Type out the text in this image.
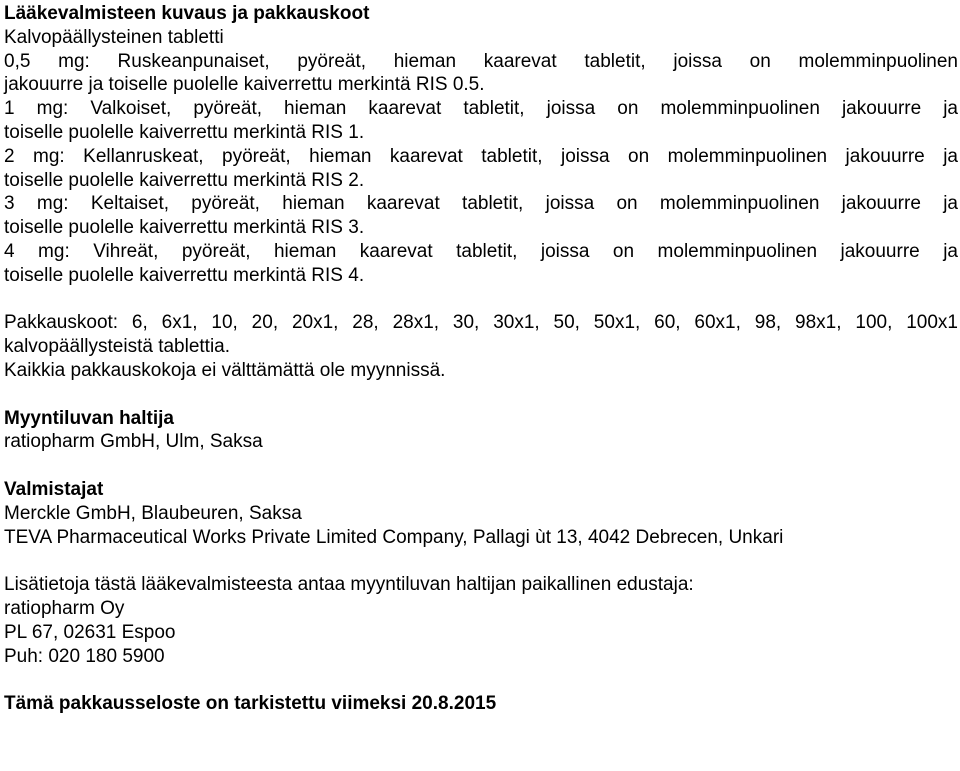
Lääkevalmisteen kuvaus ja pakkauskoot
Kalvopäällysteinen tabletti
0,5 mg: Ruskeanpunaiset, pyöreät, hieman kaarevat tabletit, joissa on molemminpuolinen
jakouurre ja toiselle puolelle kaiverrettu merkintä RIS 0.5.
1 mg: Valkoiset, pyöreät, hieman kaarevat tabletit, joissa on molemminpuolinen jakouurre ja
toiselle puolelle kaiverrettu merkintä RIS 1.
2 mg: Kellanruskeat, pyöreät, hieman kaarevat tabletit, joissa on molemminpuolinen jakouurre ja
toiselle puolelle kaiverrettu merkintä RIS 2.
3 mg: Keltaiset, pyöreät, hieman kaarevat tabletit, joissa on molemminpuolinen jakouurre ja
toiselle puolelle kaiverrettu merkintä RIS 3.
4 mg: Vihreät, pyöreät, hieman kaarevat tabletit, joissa on molemminpuolinen jakouurre ja
toiselle puolelle kaiverrettu merkintä RIS 4.
Pakkauskoot: 6, 6x1, 10, 20, 20x1, 28, 28x1, 30, 30x1, 50, 50x1, 60, 60x1, 98, 98x1, 100, 100x1
kalvopäällysteistä tablettia.
Kaikkia pakkauskokoja ei välttämättä ole myynnissä.
Myyntiluvan haltija
ratiopharm GmbH, Ulm, Saksa
Valmistajat
Merckle GmbH, Blaubeuren, Saksa
TEVA Pharmaceutical Works Private Limited Company, Pallagi ùt 13, 4042 Debrecen, Unkari
Lisätietoja tästä lääkevalmisteesta antaa myyntiluvan haltijan paikallinen edustaja:
ratiopharm Oy
PL 67, 02631 Espoo
Puh: 020 180 5900
Tämä pakkausseloste on tarkistettu viimeksi 20.8.2015
